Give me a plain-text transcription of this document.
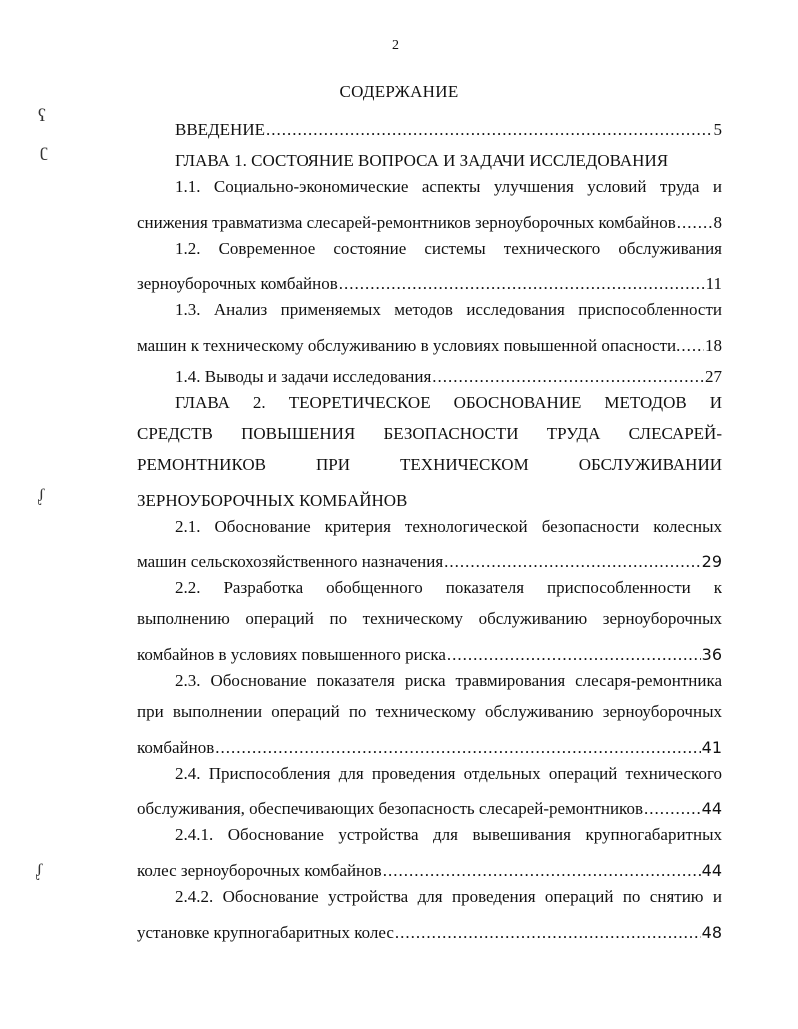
2
СОДЕРЖАНИЕ
ВВЕДЕНИЕ .....	5
ГЛАВА 1. СОСТОЯНИЕ ВОПРОСА И ЗАДАЧИ ИССЛЕДОВАНИЯ
1.1. Социально-экономические аспекты улучшения условий труда и
снижения травматизма слесарей-ремонтников зерноуборочных комбайнов ..... 8
1.2. Современное состояние системы технического обслуживания
зерноуборочных комбайнов .....	11
1.3. Анализ применяемых методов исследования приспособленности
машин к техническому обслуживанию в условиях повышенной опасности. ..... 18
1.4. Выводы и задачи исследования .....	27
ГЛАВА 2. ТЕОРЕТИЧЕСКОЕ ОБОСНОВАНИЕ МЕТОДОВ И
СРЕДСТВ ПОВЫШЕНИЯ БЕЗОПАСНОСТИ ТРУДА СЛЕСАРЕЙ-
РЕМОНТНИКОВ ПРИ ТЕХНИЧЕСКОМ ОБСЛУЖИВАНИИ
ЗЕРНОУБОРОЧНЫХ КОМБАЙНОВ
2.1. Обоснование критерия технологической безопасности колесных
машин сельскохозяйственного назначения .....	29
2.2. Разработка обобщенного показателя приспособленности к
выполнению операций по техническому обслуживанию зерноуборочных
комбайнов в условиях повышенного риска .....	36
2.3. Обоснование показателя риска травмирования слесаря-ремонтника
при выполнении операций по техническому обслуживанию зерноуборочных
комбайнов .....	41
2.4. Приспособления для проведения отдельных операций технического
обслуживания, обеспечивающих безопасность слесарей-ремонтников .....	44
2.4.1. Обоснование устройства для вывешивания крупногабаритных
колес зерноуборочных комбайнов .....	44
2.4.2. Обоснование устройства для проведения операций по снятию и
установке крупногабаритных колес .....	48
ʕ
ʗ
ᶘ
ᶘ
